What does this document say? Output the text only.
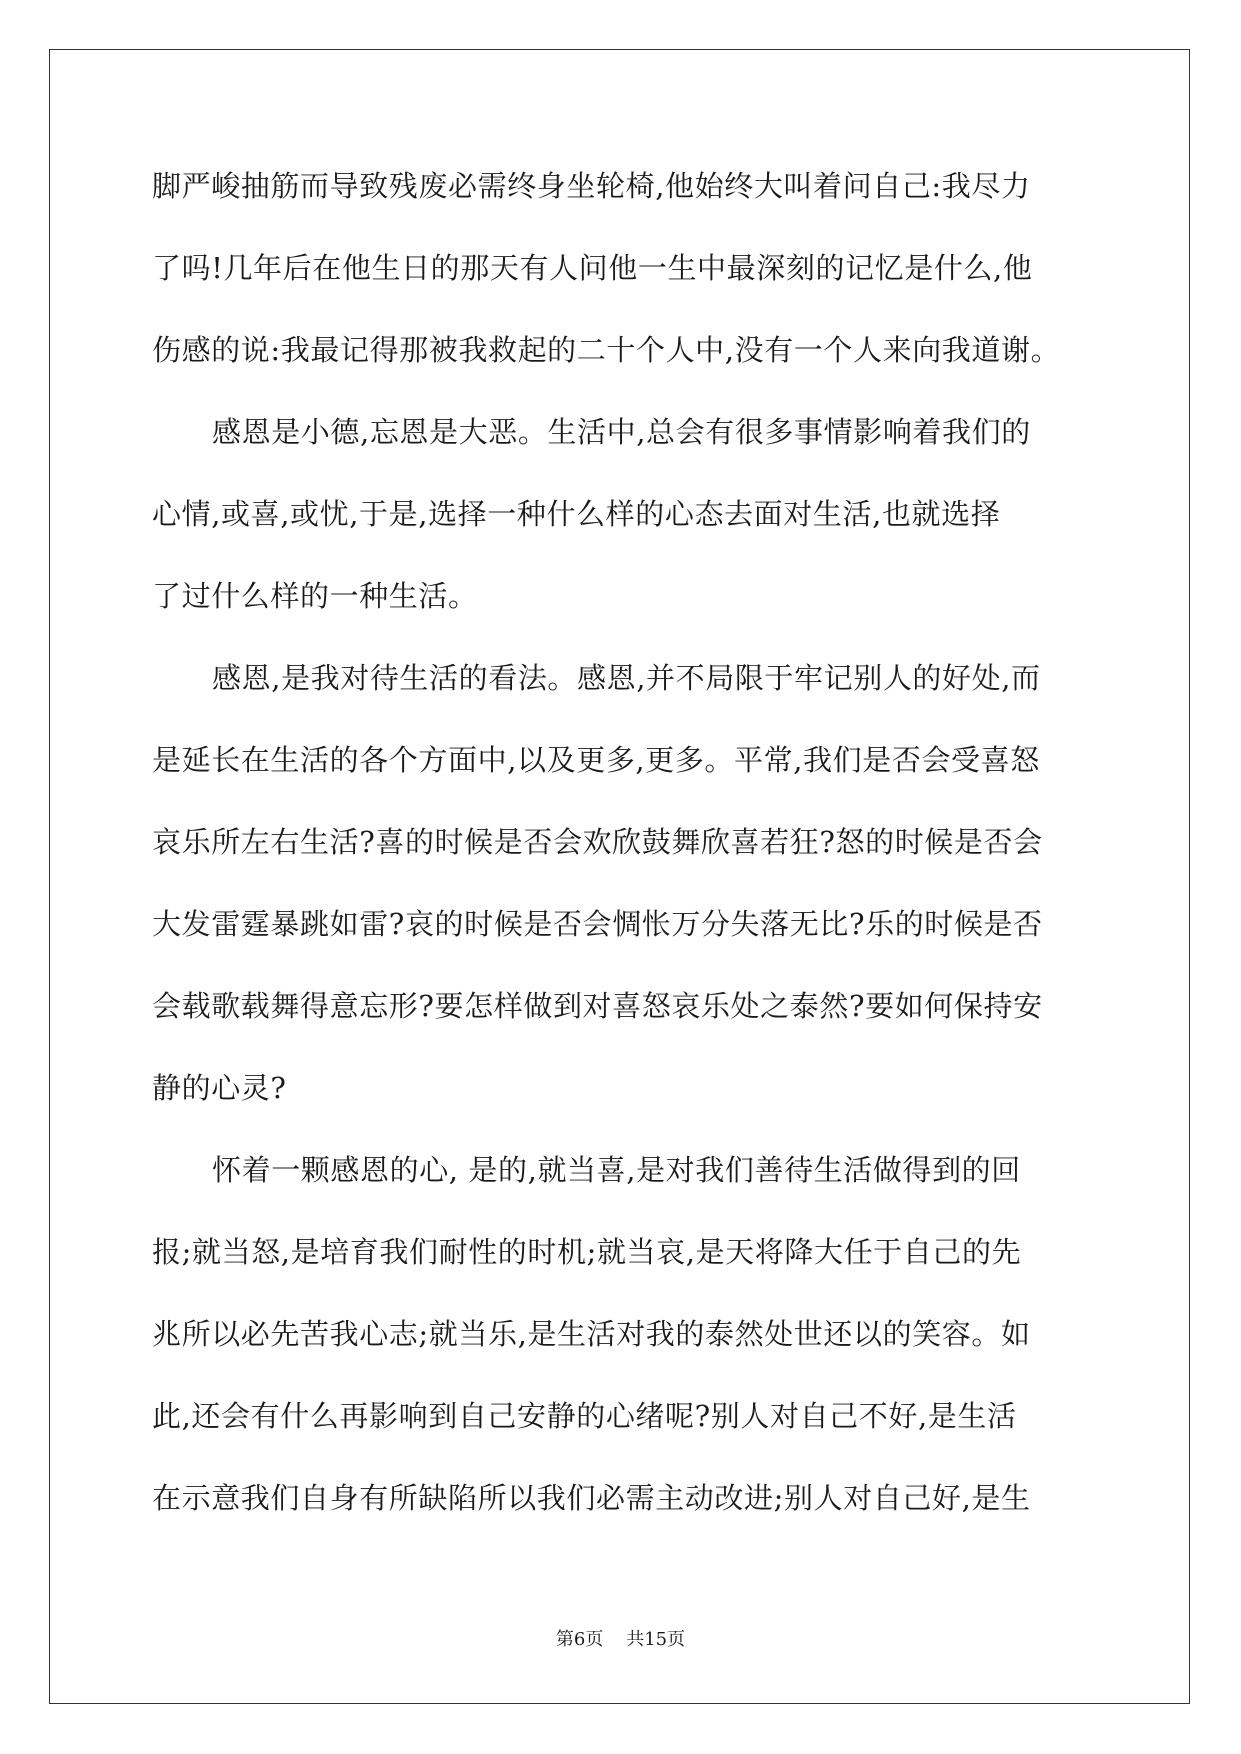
脚严峻抽筋而导致残废必需终身坐轮椅,他始终大叫着问自己:我尽力
了吗!几年后在他生日的那天有人问他一生中最深刻的记忆是什么,他
伤感的说:我最记得那被我救起的二十个人中,没有一个人来向我道谢。
感恩是小德,忘恩是大恶。生活中,总会有很多事情影响着我们的
心情,或喜,或忧,于是,选择一种什么样的心态去面对生活,也就选择
了过什么样的一种生活。
感恩,是我对待生活的看法。感恩,并不局限于牢记别人的好处,而
是延长在生活的各个方面中,以及更多,更多。平常,我们是否会受喜怒
哀乐所左右生活?喜的时候是否会欢欣鼓舞欣喜若狂?怒的时候是否会
大发雷霆暴跳如雷?哀的时候是否会惆怅万分失落无比?乐的时候是否
会载歌载舞得意忘形?要怎样做到对喜怒哀乐处之泰然?要如何保持安
静的心灵?
怀着一颗感恩的心, 是的,就当喜,是对我们善待生活做得到的回
报;就当怒,是培育我们耐性的时机;就当哀,是天将降大任于自己的先
兆所以必先苦我心志;就当乐,是生活对我的泰然处世还以的笑容。如
此,还会有什么再影响到自己安静的心绪呢?别人对自己不好,是生活
在示意我们自身有所缺陷所以我们必需主动改进;别人对自己好,是生
第6页 共15页
